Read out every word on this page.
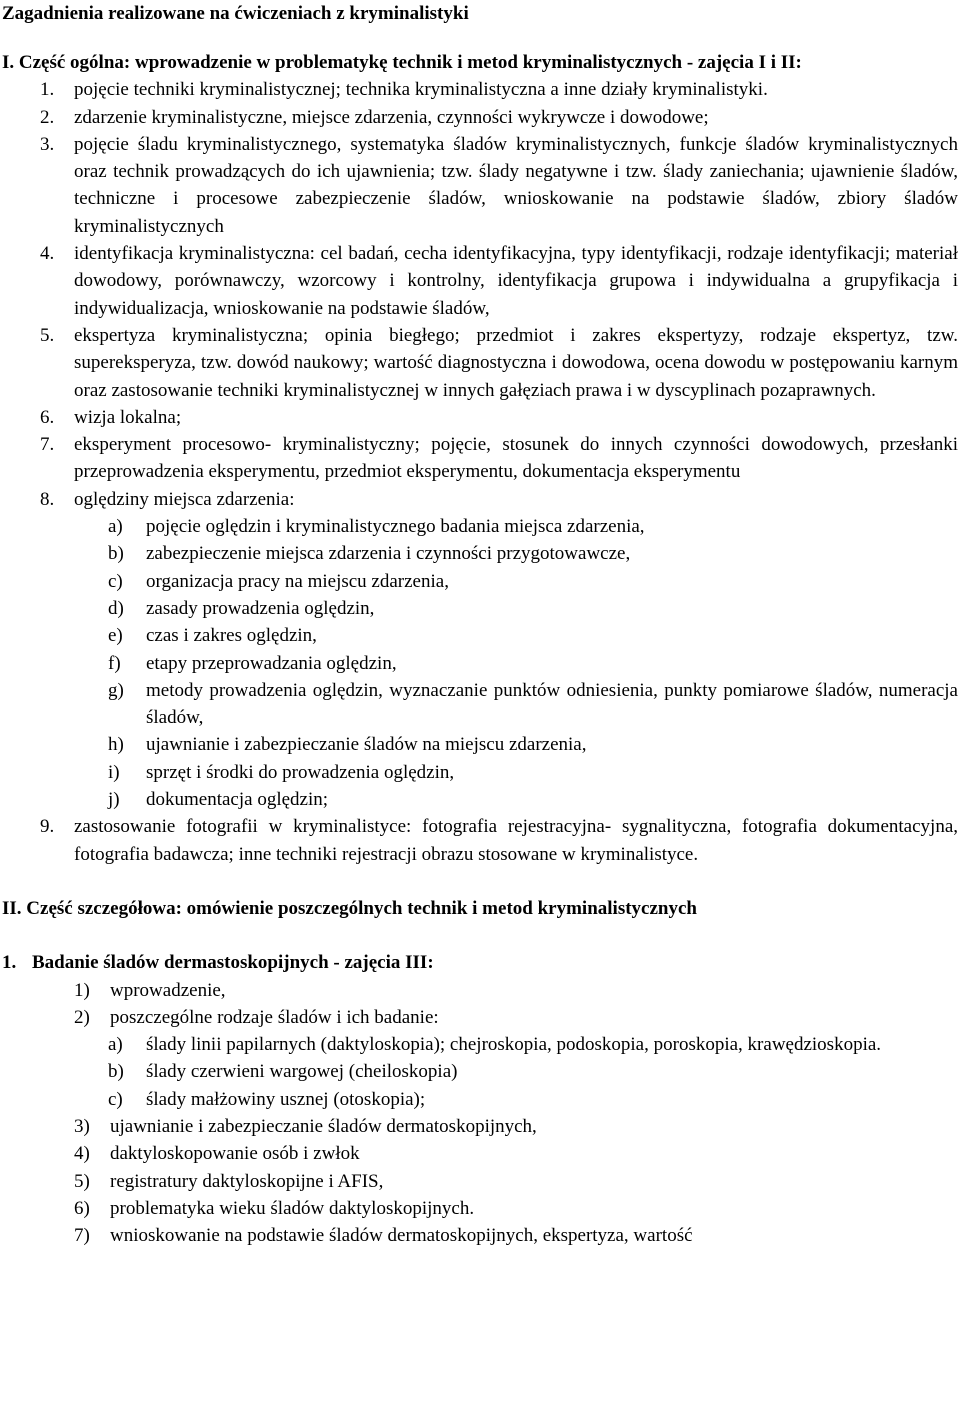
Zagadnienia realizowane na ćwiczeniach z kryminalistyki
I. Część ogólna: wprowadzenie w problematykę technik i metod kryminalistycznych - zajęcia I i II:
1.	pojęcie techniki kryminalistycznej; technika kryminalistyczna a inne działy kryminalistyki.
2.	zdarzenie kryminalistyczne, miejsce zdarzenia, czynności wykrywcze i dowodowe;
3.	pojęcie śladu kryminalistycznego, systematyka śladów kryminalistycznych, funkcje śladów kryminalistycznych oraz technik prowadzących do ich ujawnienia; tzw. ślady negatywne i tzw. ślady zaniechania; ujawnienie śladów, techniczne i procesowe zabezpieczenie śladów, wnioskowanie na podstawie śladów, zbiory śladów kryminalistycznych
4.	identyfikacja kryminalistyczna: cel badań, cecha identyfikacyjna, typy identyfikacji, rodzaje identyfikacji; materiał dowodowy, porównawczy, wzorcowy i kontrolny, identyfikacja grupowa i indywidualna a grupyfikacja i indywidualizacja, wnioskowanie na podstawie śladów,
5.	ekspertyza kryminalistyczna; opinia biegłego; przedmiot i zakres ekspertyzy, rodzaje ekspertyz, tzw. supereksperyza, tzw. dowód naukowy; wartość diagnostyczna i dowodowa, ocena dowodu w postępowaniu karnym oraz zastosowanie techniki kryminalistycznej w innych gałęziach prawa i w dyscyplinach pozaprawnych.
6.	wizja lokalna;
7.	eksperyment procesowo- kryminalistyczny; pojęcie, stosunek do innych czynności dowodowych, przesłanki przeprowadzenia eksperymentu, przedmiot eksperymentu, dokumentacja eksperymentu
8.	oględziny miejsca zdarzenia:
a)	pojęcie oględzin i kryminalistycznego badania miejsca zdarzenia,
b)	zabezpieczenie miejsca zdarzenia i czynności przygotowawcze,
c)	organizacja pracy na miejscu zdarzenia,
d)	zasady prowadzenia oględzin,
e)	czas i zakres oględzin,
f)	etapy przeprowadzania oględzin,
g)	metody prowadzenia oględzin, wyznaczanie punktów odniesienia, punkty pomiarowe śladów, numeracja śladów,
h)	ujawnianie i zabezpieczanie śladów na miejscu zdarzenia,
i)	sprzęt i środki do prowadzenia oględzin,
j)	dokumentacja oględzin;
9.	zastosowanie fotografii w kryminalistyce: fotografia rejestracyjna- sygnalityczna, fotografia dokumentacyjna, fotografia badawcza; inne techniki rejestracji obrazu stosowane w kryminalistyce.
II. Część szczegółowa: omówienie poszczególnych technik i metod kryminalistycznych
1. Badanie śladów dermastoskopijnych - zajęcia III:
1)	wprowadzenie,
2)	poszczególne rodzaje śladów i ich badanie:
a)	ślady linii papilarnych (daktyloskopia); chejroskopia, podoskopia, poroskopia, krawędzioskopia.
b)	ślady czerwieni wargowej (cheiloskopia)
c)	ślady małżowiny usznej (otoskopia);
3)	ujawnianie i zabezpieczanie śladów dermatoskopijnych,
4)	daktyloskopowanie osób i zwłok
5)	registratury daktyloskopijne i AFIS,
6)	problematyka wieku śladów daktyloskopijnych.
7)	wnioskowanie na podstawie śladów dermatoskopijnych, ekspertyza, wartość
